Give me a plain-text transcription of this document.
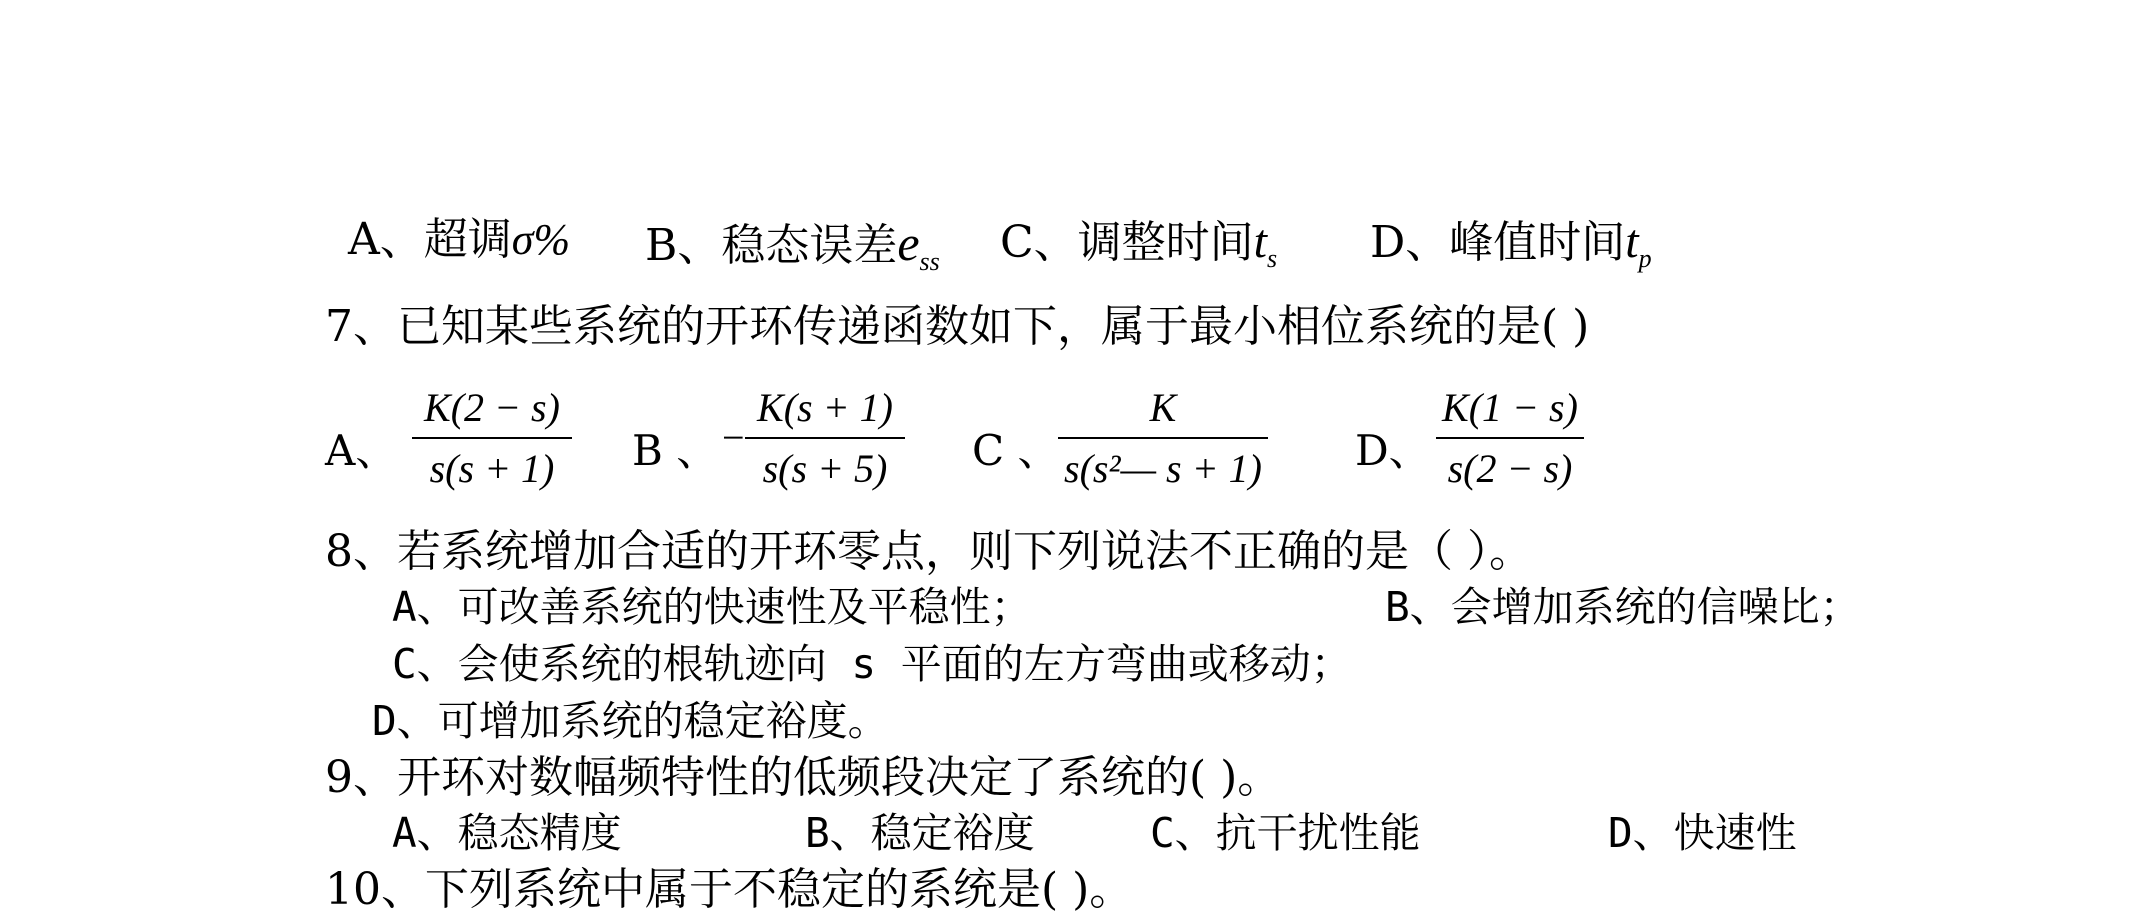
A、超调σ% B、稳态误差$e_{ss}$ C、调整时间$t_s$ D、峰值时间$t_p$
7、已知某些系统的开环传递函数如下，属于最小相位系统的是( )
A、
K(2 − s)
s(s + 1)	B 、 −
K(s + 1)
s(s + 5)	C 、
K
s(s²— s + 1) D、
K(1 − s)
s(2 − s)
8、若系统增加合适的开环零点，则下列说法不正确的是（ ）。
A、可改善系统的快速性及平稳性；	B、会增加系统的信噪比；
C、会使系统的根轨迹向 s 平面的左方弯曲或移动；
D、可增加系统的稳定裕度。
9、开环对数幅频特性的低频段决定了系统的( )。
A、稳态精度	B、稳定裕度	C、抗干扰性能	D、快速性
10、下列系统中属于不稳定的系统是( )。
